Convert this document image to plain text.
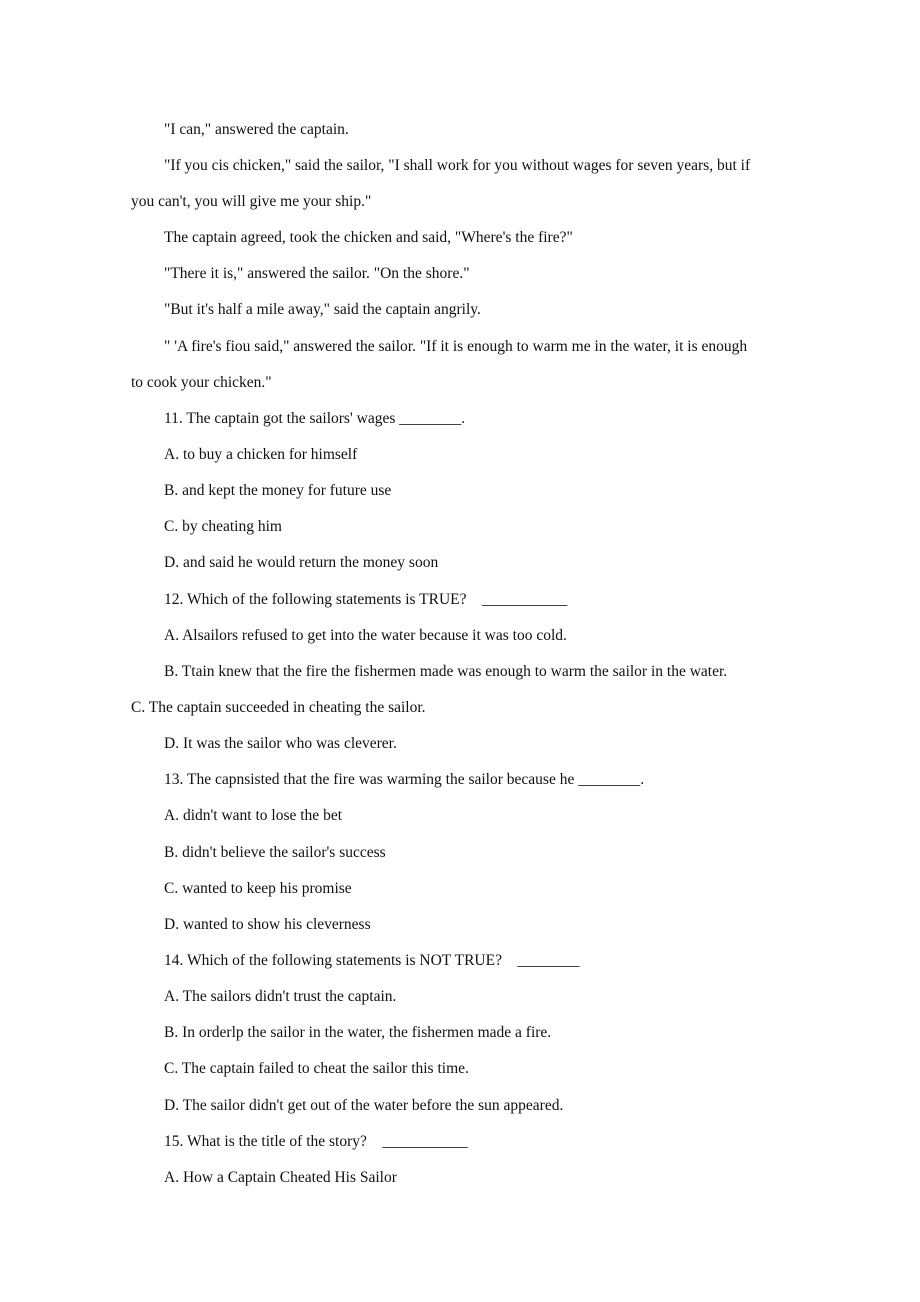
"I can," answered the captain.
"If you cis chicken," said the sailor, "I shall work for you without wages for seven years, but if
you can't, you will give me your ship."
The captain agreed, took the chicken and said, "Where's the fire?"
"There it is," answered the sailor. "On the shore."
"But it's half a mile away," said the captain angrily.
" 'A fire's fiou said," answered the sailor. "If it is enough to warm me in the water, it is enough
to cook your chicken."
11. The captain got the sailors' wages ________.
A. to buy a chicken for himself
B. and kept the money for future use
C. by cheating him
D. and said he would return the money soon
12. Which of the following statements is TRUE?    ___________
A. Alsailors refused to get into the water because it was too cold.
B. Ttain knew that the fire the fishermen made was enough to warm the sailor in the water.
C. The captain succeeded in cheating the sailor.
D. It was the sailor who was cleverer.
13. The capnsisted that the fire was warming the sailor because he ________.
A. didn't want to lose the bet
B. didn't believe the sailor's success
C. wanted to keep his promise
D. wanted to show his cleverness
14. Which of the following statements is NOT TRUE?    ________
A. The sailors didn't trust the captain.
B. In orderlp the sailor in the water, the fishermen made a fire.
C. The captain failed to cheat the sailor this time.
D. The sailor didn't get out of the water before the sun appeared.
15. What is the title of the story?    ___________
A. How a Captain Cheated His Sailor
